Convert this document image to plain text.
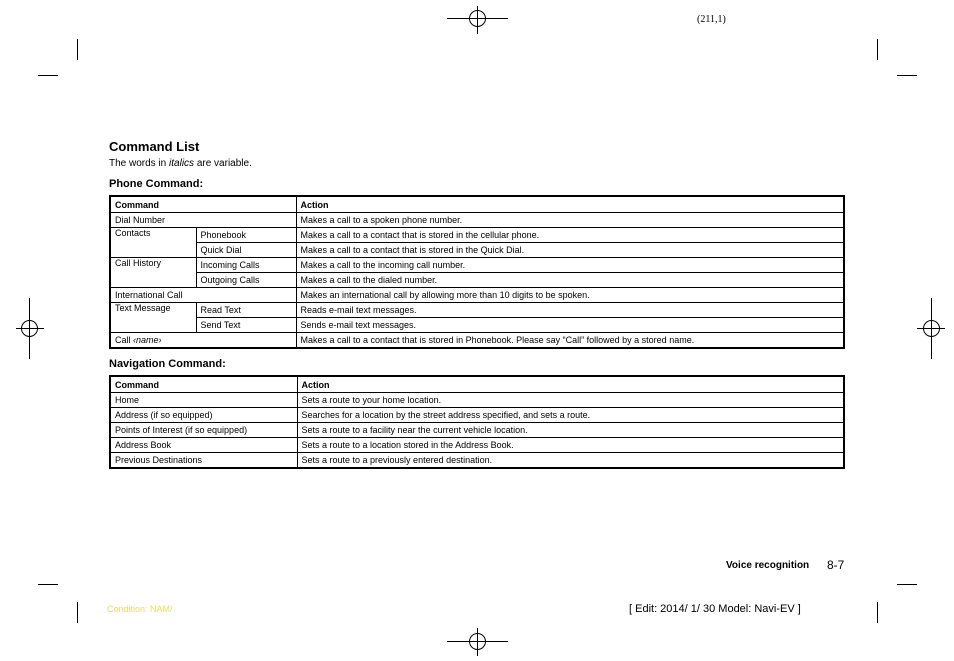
(211,1)
Command List
The words in italics are variable.
Phone Command:
Command		Action
Dial Number		Makes a call to a spoken phone number.
Contacts	Phonebook	Makes a call to a contact that is stored in the cellular phone.
	Quick Dial	Makes a call to a contact that is stored in the Quick Dial.
Call History	Incoming Calls	Makes a call to the incoming call number.
	Outgoing Calls	Makes a call to the dialed number.
International Call		Makes an international call by allowing more than 10 digits to be spoken.
Text Message	Read Text	Reads e-mail text messages.
	Send Text	Sends e-mail text messages.
Call ‹name›		Makes a call to a contact that is stored in Phonebook. Please say “Call” followed by a stored name.
Navigation Command:
Command	Action
Home	Sets a route to your home location.
Address (if so equipped)	Searches for a location by the street address specified, and sets a route.
Points of Interest (if so equipped)	Sets a route to a facility near the current vehicle location.
Address Book	Sets a route to a location stored in the Address Book.
Previous Destinations	Sets a route to a previously entered destination.
Voice recognition 8-7
Condition: NAM/	[ Edit: 2014/ 1/ 30 Model: Navi-EV ]
